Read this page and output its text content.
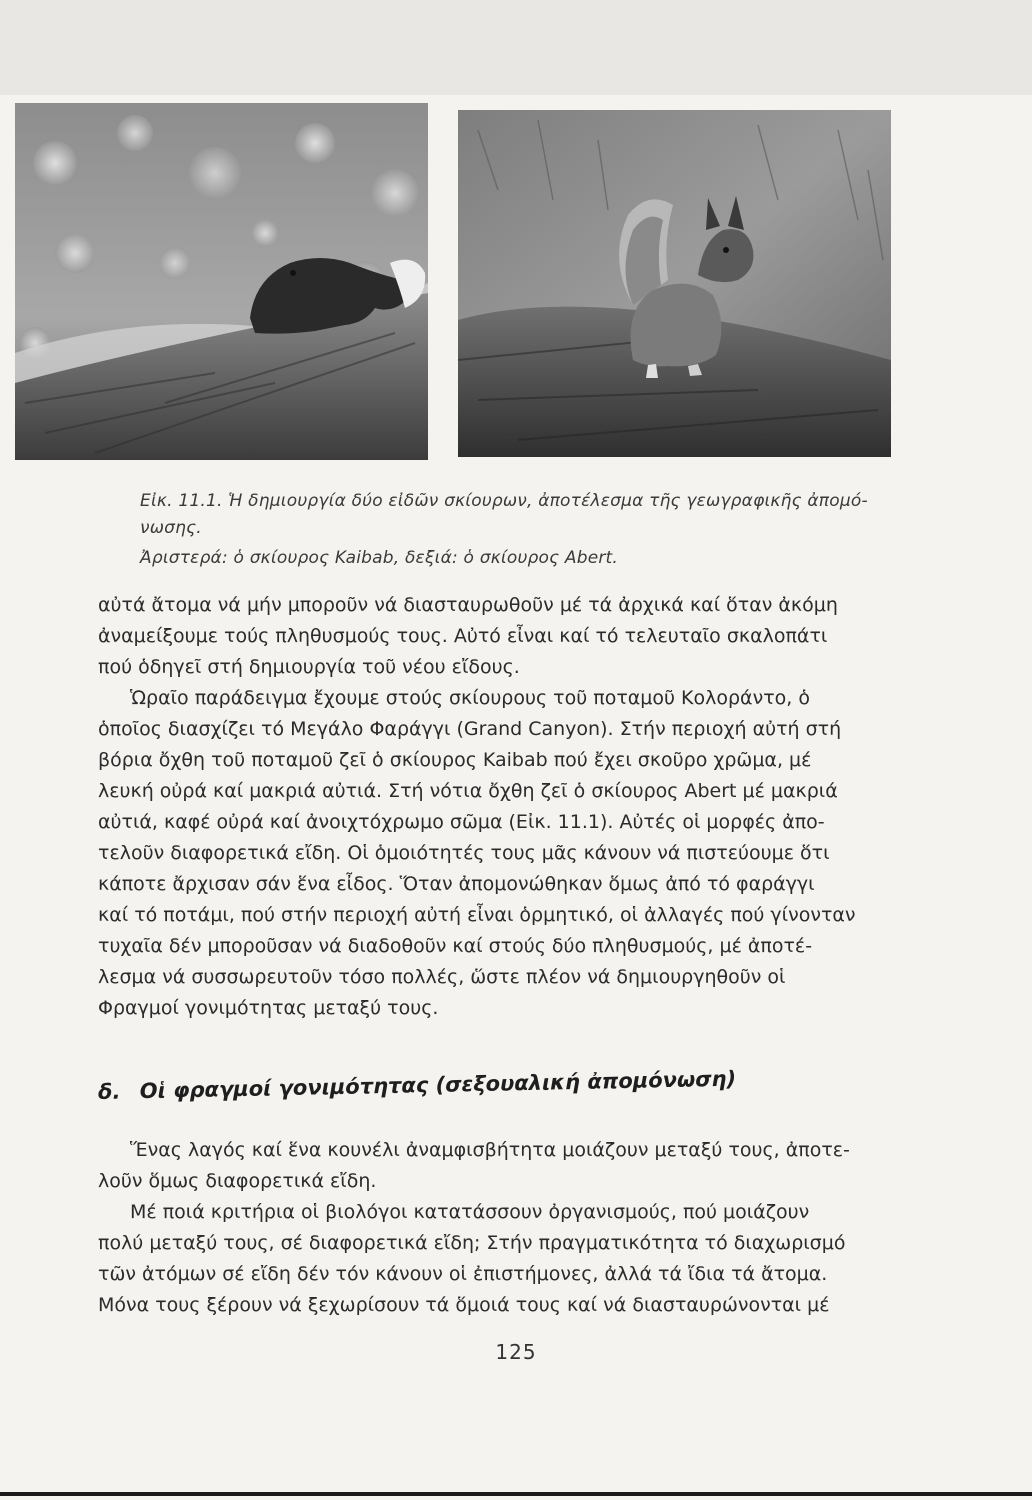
Εἰκ. 11.1. Ἡ δημιουργία δύο εἰδῶν σκίουρων, ἀποτέλεσμα τῆς γεωγραφικῆς ἀπομό-
νωσης.
Ἀριστερά: ὁ σκίουρος Kaibab, δεξιά: ὁ σκίουρος Abert.
αὐτά ἄτομα νά μήν μποροῦν νά διασταυρωθοῦν μέ τά ἀρχικά καί ὅταν ἀκόμη
ἀναμείξουμε τούς πληθυσμούς τους. Αὐτό εἶναι καί τό τελευταῖο σκαλοπάτι
πού ὁδηγεῖ στή δημιουργία τοῦ νέου εἴδους.
Ὡραῖο παράδειγμα ἔχουμε στούς σκίουρους τοῦ ποταμοῦ Κολοράντο, ὁ
ὁποῖος διασχίζει τό Μεγάλο Φαράγγι (Grand Canyon). Στήν περιοχή αὐτή στή
βόρια ὄχθη τοῦ ποταμοῦ ζεῖ ὁ σκίουρος Kaibab πού ἔχει σκοῦρο χρῶμα, μέ
λευκή οὐρά καί μακριά αὐτιά. Στή νότια ὄχθη ζεῖ ὁ σκίουρος Abert μέ μακριά
αὐτιά, καφέ οὐρά καί ἀνοιχτόχρωμο σῶμα (Εἰκ. 11.1). Αὐτές οἱ μορφές ἀπο-
τελοῦν διαφορετικά εἴδη. Οἱ ὁμοιότητές τους μᾶς κάνουν νά πιστεύουμε ὅτι
κάποτε ἄρχισαν σάν ἕνα εἶδος. Ὅταν ἀπομονώθηκαν ὅμως ἀπό τό φαράγγι
καί τό ποτάμι, πού στήν περιοχή αὐτή εἶναι ὁρμητικό, οἱ ἀλλαγές πού γίνονταν
τυχαῖα δέν μποροῦσαν νά διαδοθοῦν καί στούς δύο πληθυσμούς, μέ ἀποτέ-
λεσμα νά συσσωρευτοῦν τόσο πολλές, ὥστε πλέον νά δημιουργηθοῦν οἱ
Φραγμοί γονιμότητας μεταξύ τους.
δ. Οἱ φραγμοί γονιμότητας (σεξουαλική ἀπομόνωση)
Ἕνας λαγός καί ἕνα κουνέλι ἀναμφισβήτητα μοιάζουν μεταξύ τους, ἀποτε-
λοῦν ὅμως διαφορετικά εἴδη.
Μέ ποιά κριτήρια οἱ βιολόγοι κατατάσσουν ὀργανισμούς, πού μοιάζουν
πολύ μεταξύ τους, σέ διαφορετικά εἴδη; Στήν πραγματικότητα τό διαχωρισμό
τῶν ἀτόμων σέ εἴδη δέν τόν κάνουν οἱ ἐπιστήμονες, ἀλλά τά ἴδια τά ἄτομα.
Μόνα τους ξέρουν νά ξεχωρίσουν τά ὅμοιά τους καί νά διασταυρώνονται μέ
125
